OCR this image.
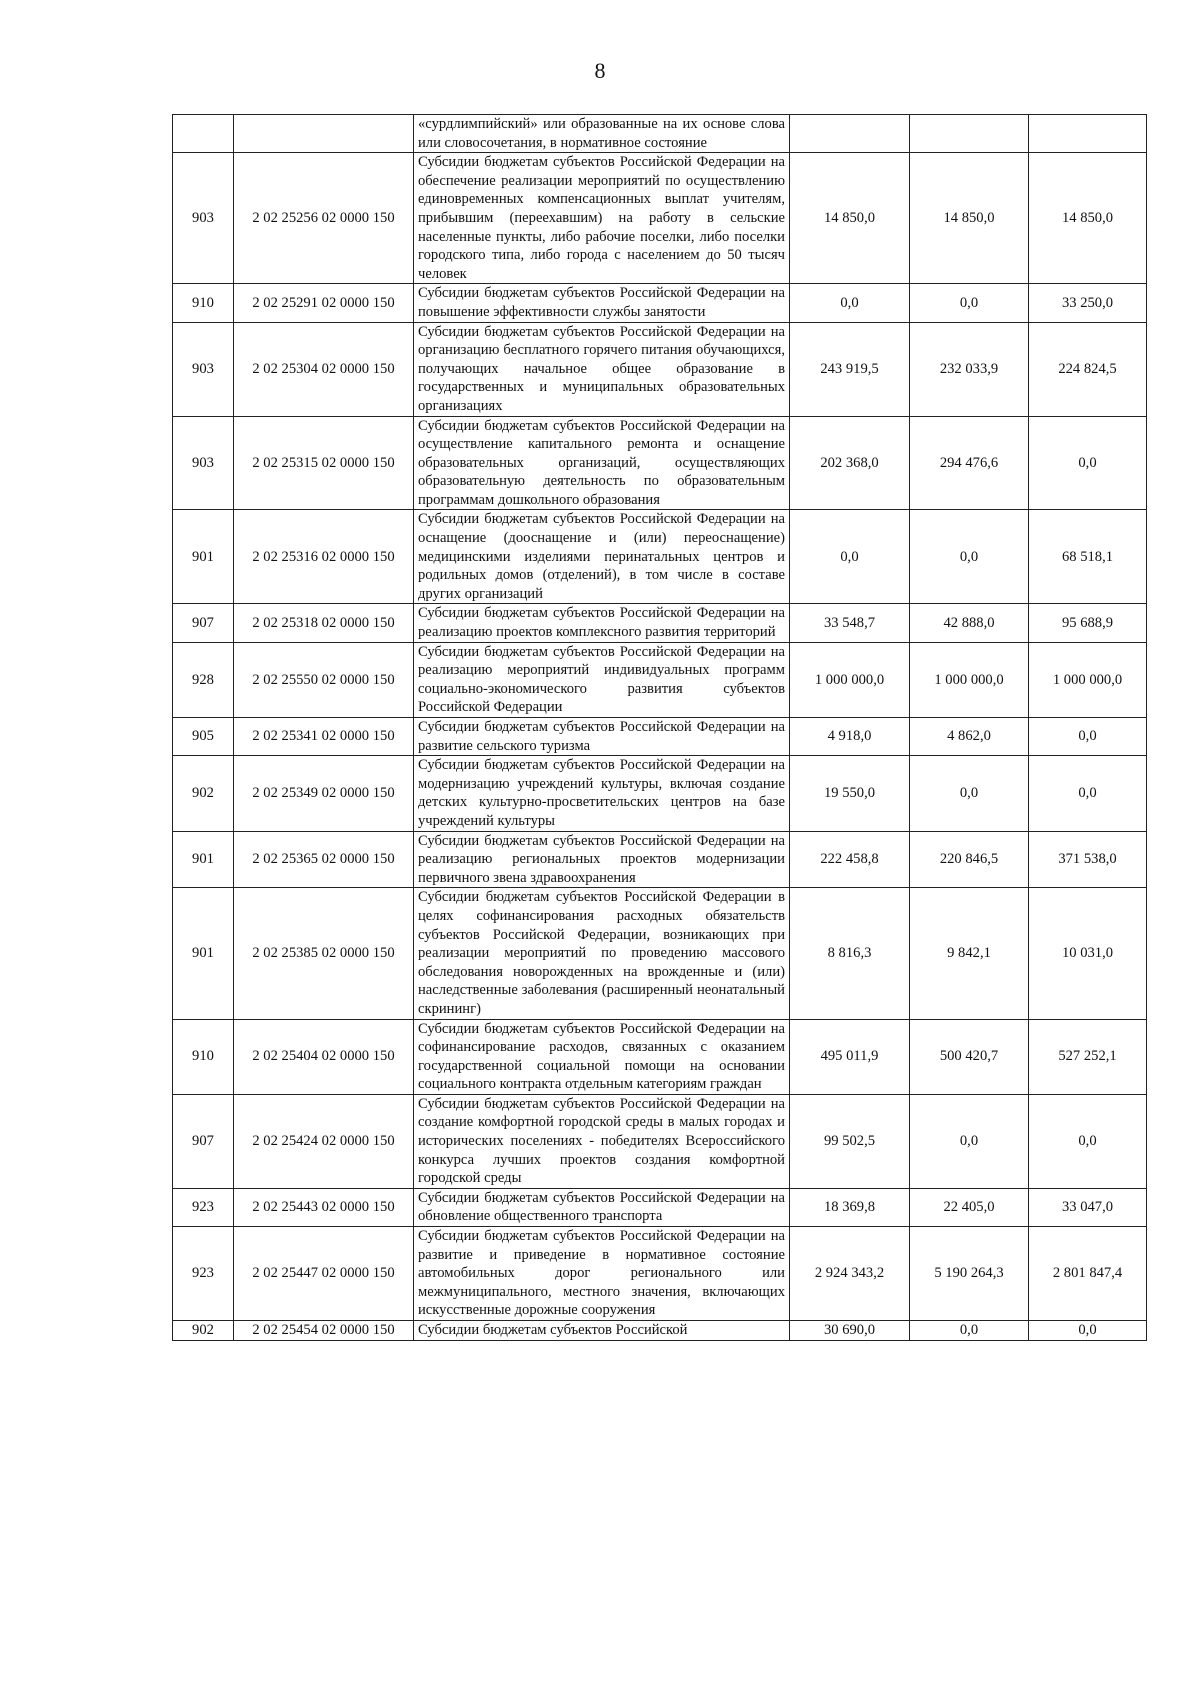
8
		«сурдлимпийский» или образованные на их основе слова или словосочетания, в нормативное состояние			
903	2 02 25256 02 0000 150	Субсидии бюджетам субъектов Российской Федерации на обеспечение реализации мероприятий по осуществлению единовременных компенсационных выплат учителям, прибывшим (переехавшим) на работу в сельские населенные пункты, либо рабочие поселки, либо поселки городского типа, либо города с населением до 50 тысяч человек	14 850,0	14 850,0	14 850,0
910	2 02 25291 02 0000 150	Субсидии бюджетам субъектов Российской Федерации на повышение эффективности службы занятости	0,0	0,0	33 250,0
903	2 02 25304 02 0000 150	Субсидии бюджетам субъектов Российской Федерации на организацию бесплатного горячего питания обучающихся, получающих начальное общее образование в государственных и муниципальных образовательных организациях	243 919,5	232 033,9	224 824,5
903	2 02 25315 02 0000 150	Субсидии бюджетам субъектов Российской Федерации на осуществление капитального ремонта и оснащение образовательных организаций, осуществляющих образовательную деятельность по образовательным программам дошкольного образования	202 368,0	294 476,6	0,0
901	2 02 25316 02 0000 150	Субсидии бюджетам субъектов Российской Федерации на оснащение (дооснащение и (или) переоснащение) медицинскими изделиями перинатальных центров и родильных домов (отделений), в том числе в составе других организаций	0,0	0,0	68 518,1
907	2 02 25318 02 0000 150	Субсидии бюджетам субъектов Российской Федерации на реализацию проектов комплексного развития территорий	33 548,7	42 888,0	95 688,9
928	2 02 25550 02 0000 150	Субсидии бюджетам субъектов Российской Федерации на реализацию мероприятий индивидуальных программ социально-экономического развития субъектов Российской Федерации	1 000 000,0	1 000 000,0	1 000 000,0
905	2 02 25341 02 0000 150	Субсидии бюджетам субъектов Российской Федерации на развитие сельского туризма	4 918,0	4 862,0	0,0
902	2 02 25349 02 0000 150	Субсидии бюджетам субъектов Российской Федерации на модернизацию учреждений культуры, включая создание детских культурно-просветительских центров на базе учреждений культуры	19 550,0	0,0	0,0
901	2 02 25365 02 0000 150	Субсидии бюджетам субъектов Российской Федерации на реализацию региональных проектов модернизации первичного звена здравоохранения	222 458,8	220 846,5	371 538,0
901	2 02 25385 02 0000 150	Субсидии бюджетам субъектов Российской Федерации в целях софинансирования расходных обязательств субъектов Российской Федерации, возникающих при реализации мероприятий по проведению массового обследования новорожденных на врожденные и (или) наследственные заболевания (расширенный неонатальный скрининг)	8 816,3	9 842,1	10 031,0
910	2 02 25404 02 0000 150	Субсидии бюджетам субъектов Российской Федерации на софинансирование расходов, связанных с оказанием государственной социальной помощи на основании социального контракта отдельным категориям граждан	495 011,9	500 420,7	527 252,1
907	2 02 25424 02 0000 150	Субсидии бюджетам субъектов Российской Федерации на создание комфортной городской среды в малых городах и исторических поселениях - победителях Всероссийского конкурса лучших проектов создания комфортной городской среды	99 502,5	0,0	0,0
923	2 02 25443 02 0000 150	Субсидии бюджетам субъектов Российской Федерации на обновление общественного транспорта	18 369,8	22 405,0	33 047,0
923	2 02 25447 02 0000 150	Субсидии бюджетам субъектов Российской Федерации на развитие и приведение в нормативное состояние автомобильных дорог регионального или межмуниципального, местного значения, включающих искусственные дорожные сооружения	2 924 343,2	5 190 264,3	2 801 847,4
902	2 02 25454 02 0000 150	Субсидии бюджетам субъектов Российской	30 690,0	0,0	0,0
